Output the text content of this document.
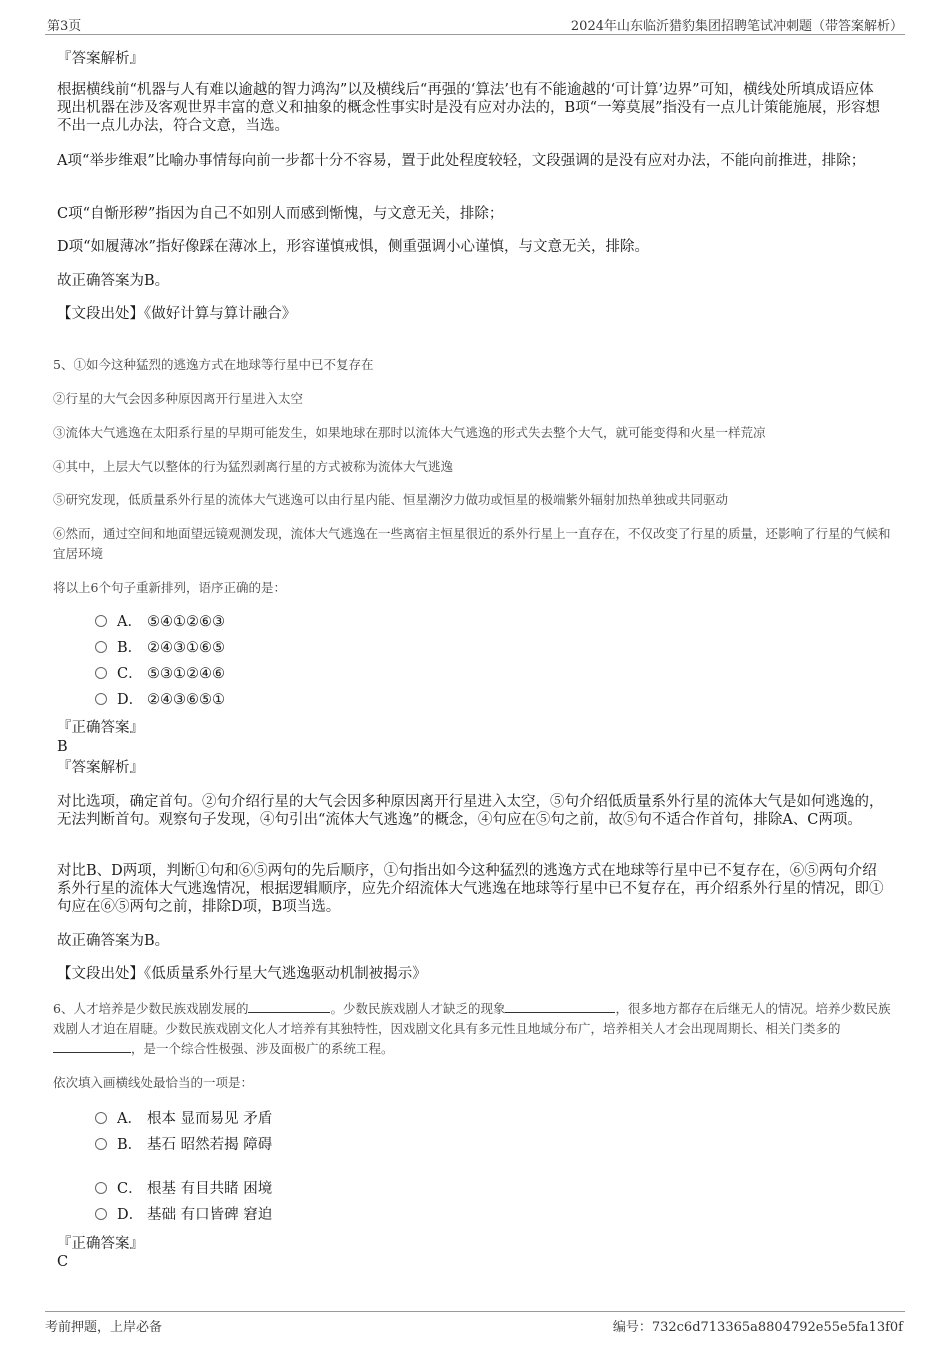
第3页	2024年山东临沂猎豹集团招聘笔试冲刺题（带答案解析）

『答案解析』

根据横线前“机器与人有难以逾越的智力鸿沟”以及横线后“再强的‘算法’也有不能逾越的‘可计算’边界”可知，横线处所填成语应体现出机器在涉及客观世界丰富的意义和抽象的概念性事实时是没有应对办法的，B项“一筹莫展”指没有一点儿计策能施展，形容想不出一点儿办法，符合文意，当选。

A项“举步维艰”比喻办事情每向前一步都十分不容易，置于此处程度较轻，文段强调的是没有应对办法，不能向前推进，排除；

C项“自惭形秽”指因为自己不如别人而感到惭愧，与文意无关，排除；

D项“如履薄冰”指好像踩在薄冰上，形容谨慎戒惧，侧重强调小心谨慎，与文意无关，排除。

故正确答案为B。

【文段出处】《做好计算与算计融合》

5、①如今这种猛烈的逃逸方式在地球等行星中已不复存在

②行星的大气会因多种原因离开行星进入太空

③流体大气逃逸在太阳系行星的早期可能发生，如果地球在那时以流体大气逃逸的形式失去整个大气，就可能变得和火星一样荒凉

④其中，上层大气以整体的行为猛烈剥离行星的方式被称为流体大气逃逸

⑤研究发现，低质量系外行星的流体大气逃逸可以由行星内能、恒星潮汐力做功或恒星的极端紫外辐射加热单独或共同驱动

⑥然而，通过空间和地面望远镜观测发现，流体大气逃逸在一些离宿主恒星很近的系外行星上一直存在，不仅改变了行星的质量，还影响了行星的气候和宜居环境

将以上6个句子重新排列，语序正确的是：

A． ⑤④①②⑥③
B． ②④③①⑥⑤
C． ⑤③①②④⑥
D． ②④③⑥⑤①

『正确答案』

B

『答案解析』

对比选项，确定首句。②句介绍行星的大气会因多种原因离开行星进入太空，⑤句介绍低质量系外行星的流体大气是如何逃逸的，无法判断首句。观察句子发现，④句引出“流体大气逃逸”的概念，④句应在⑤句之前，故⑤句不适合作首句，排除A、C两项。

对比B、D两项，判断①句和⑥⑤两句的先后顺序，①句指出如今这种猛烈的逃逸方式在地球等行星中已不复存在，⑥⑤两句介绍系外行星的流体大气逃逸情况，根据逻辑顺序，应先介绍流体大气逃逸在地球等行星中已不复存在，再介绍系外行星的情况，即①句应在⑥⑤两句之前，排除D项，B项当选。

故正确答案为B。

【文段出处】《低质量系外行星大气逃逸驱动机制被揭示》

6、人才培养是少数民族戏剧发展的	。少数民族戏剧人才缺乏的现象	，很多地方都存在后继无人的情况。培养少数民族戏剧人才迫在眉睫。少数民族戏剧文化人才培养有其独特性，因戏剧文化具有多元性且地域分布广，培养相关人才会出现周期长、相关门类多的，是一个综合性极强、涉及面极广的系统工程。

依次填入画横线处最恰当的一项是：

A． 根本 显而易见 矛盾
B． 基石 昭然若揭 障碍
C． 根基 有目共睹 困境
D． 基础 有口皆碑 窘迫

『正确答案』

C

考前押题，上岸必备	编号：732c6d713365a8804792e55e5fa13f0f
